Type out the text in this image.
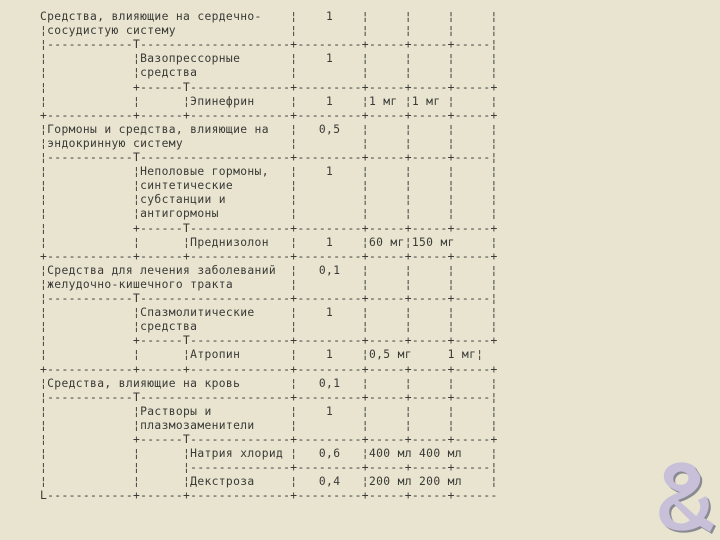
Средства, влияющие на сердечно-    ¦    1    ¦     ¦     ¦     ¦
¦сосудистую систему                ¦         ¦     ¦     ¦     ¦
¦------------T---------------------+---------+-----+-----+-----¦
¦            ¦Вазопрессорные       ¦    1    ¦     ¦     ¦     ¦
¦            ¦средства             ¦         ¦     ¦     ¦     ¦
¦            +------T--------------+---------+-----+-----+-----+
¦            ¦      ¦Эпинефрин     ¦    1    ¦1 мг ¦1 мг ¦     ¦
+------------+------+--------------+---------+-----+-----+-----+
¦Гормоны и средства, влияющие на   ¦   0,5   ¦     ¦     ¦     ¦
¦эндокринную систему               ¦         ¦     ¦     ¦     ¦
¦------------T---------------------+---------+-----+-----+-----¦
¦            ¦Неполовые гормоны,   ¦    1    ¦     ¦     ¦     ¦
¦            ¦синтетические        ¦         ¦     ¦     ¦     ¦
¦            ¦субстанции и         ¦         ¦     ¦     ¦     ¦
¦            ¦антигормоны          ¦         ¦     ¦     ¦     ¦
¦            +------T--------------+---------+-----+-----+-----+
¦            ¦      ¦Преднизолон   ¦    1    ¦60 мг¦150 мг     ¦
+------------+------+--------------+---------+-----+-----+-----+
¦Средства для лечения заболеваний  ¦   0,1   ¦     ¦     ¦     ¦
¦желудочно-кишечного тракта        ¦         ¦     ¦     ¦     ¦
¦------------T---------------------+---------+-----+-----+-----¦
¦            ¦Спазмолитические     ¦    1    ¦     ¦     ¦     ¦
¦            ¦средства             ¦         ¦     ¦     ¦     ¦
¦            +------T--------------+---------+-----+-----+-----+
¦            ¦      ¦Атропин       ¦    1    ¦0,5 мг     1 мг¦
+------------+------+--------------+---------+-----+-----+-----+
¦Средства, влияющие на кровь       ¦   0,1   ¦     ¦     ¦     ¦
¦------------T---------------------+---------+-----+-----+-----¦
¦            ¦Растворы и           ¦    1    ¦     ¦     ¦     ¦
¦            ¦плазмозаменители     ¦         ¦     ¦     ¦     ¦
¦            +------T--------------+---------+-----+-----+-----+
¦            ¦      ¦Натрия хлорид ¦   0,6   ¦400 мл 400 мл    ¦
¦            ¦      ¦--------------+---------+-----+-----+-----¦
¦            ¦      ¦Декстроза     ¦   0,4   ¦200 мл 200 мл    ¦
L------------+------+--------------+---------+-----+-----+------
